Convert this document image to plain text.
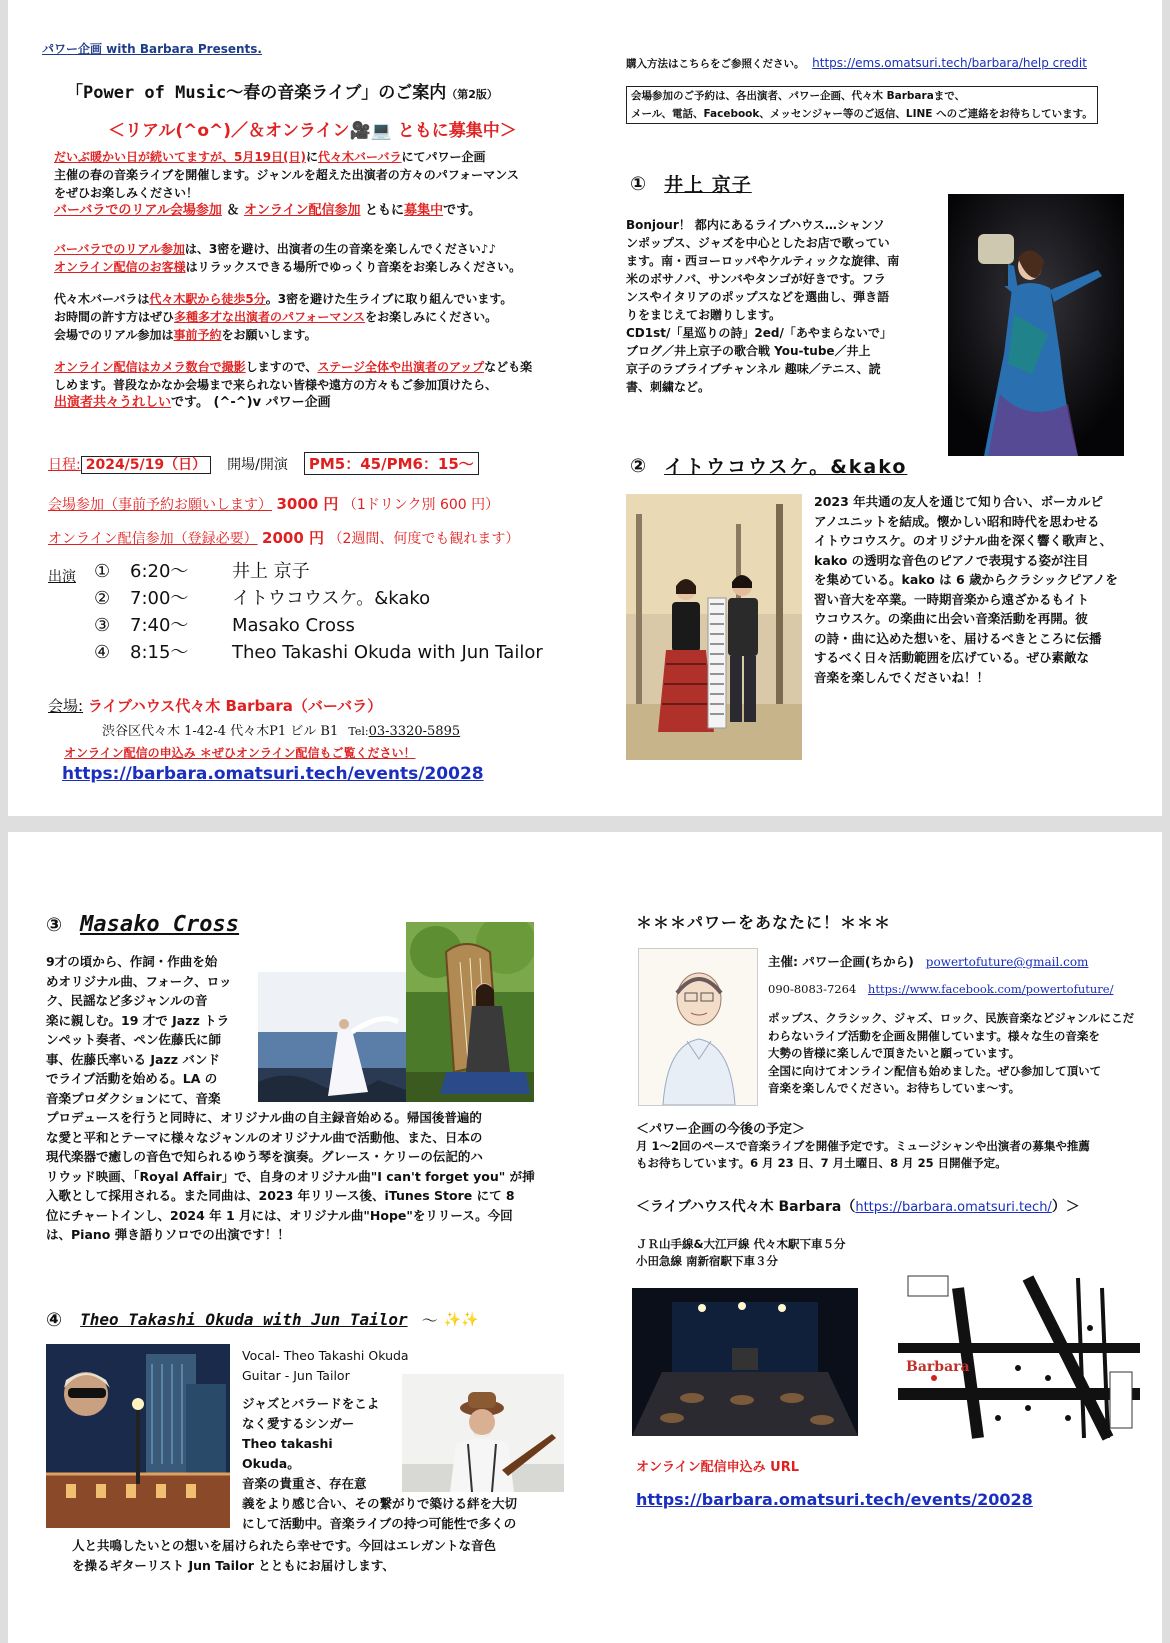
パワー企画 with Barbara Presents.
「Power of Music〜春の音楽ライブ」のご案内（第2版）
＜リアル(^o^)／＆オンライン🎥💻 ともに募集中＞
だいぶ暖かい日が続いてますが、5月19日(日)に代々木バーバラにてパワー企画
主催の春の音楽ライブを開催します。ジャンルを超えた出演者の方々のパフォーマンス
をぜひお楽しみください！
バーバラでのリアル会場参加 ＆ オンライン配信参加 ともに募集中です。
バーバラでのリアル参加は、3密を避け、出演者の生の音楽を楽しんでください♪♪
オンライン配信のお客様はリラックスできる場所でゆっくり音楽をお楽しみください。
代々木バーバラは代々木駅から徒歩5分。3密を避けた生ライブに取り組んでいます。
お時間の許す方はぜひ多種多才な出演者のパフォーマンスをお楽しみにください。
会場でのリアル参加は事前予約をお願いします。
オンライン配信はカメラ数台で撮影しますので、ステージ全体や出演者のアップなども楽
しめます。普段なかなか会場まで来られない皆様や遠方の方々もご参加頂けたら、
出演者共々うれしいです。 (^-^)v パワー企画
日程: 2024/5/19（日）	開場/開演	PM5：45/PM6：15〜
会場参加（事前予約お願いします） 3000 円 （1ドリンク別 600 円）
オンライン配信参加（登録必要） 2000 円 （2週間、何度でも観れます）
出演 ①	6:20〜	井上 京子
②	7:00〜	イトウコウスケ。&kako
③	7:40〜	Masako Cross
④	8:15〜	Theo Takashi Okuda with Jun Tailor
会場: ライブハウス代々木 Barbara（バーバラ）
渋谷区代々木 1-42-4 代々木P1 ビル B1 Tel:03-3320-5895
オンライン配信の申込み ＊ぜひオンライン配信もご覧ください！
https://barbara.omatsuri.tech/events/20028
購入方法はこちらをご参照ください。 https://ems.omatsuri.tech/barbara/help credit
会場参加のご予約は、各出演者、パワー企画、代々木 Barbaraまで、
メール、電話、Facebook、メッセンジャー等のご返信、LINE へのご連絡をお待ちしています。
① 井上 京子
Bonjour！ 都内にあるライブハウス…シャンソ
ンポップス、ジャズを中心としたお店で歌ってい
ます。南・西ヨーロッパやケルティックな旋律、南
米のボサノバ、サンバやタンゴが好きです。フラ
ンスやイタリアのポップスなどを選曲し、弾き語
りをまじえてお贈りします。
CD1st/「星巡りの詩」2ed/「あやまらないで」
ブログ／井上京子の歌合戦 You-tube／井上
京子のラブライブチャンネル 趣味／テニス、読
書、刺繍など。
② イトウコウスケ。&kako
2023 年共通の友人を通じて知り合い、ボーカルピ
アノユニットを結成。懐かしい昭和時代を思わせる
イトウコウスケ。のオリジナル曲を深く響く歌声と、
kako の透明な音色のピアノで表現する姿が注目
を集めている。kako は 6 歳からクラシックピアノを
習い音大を卒業。一時期音楽から遠ざかるもイト
ウコウスケ。の楽曲に出会い音楽活動を再開。彼
の詩・曲に込めた想いを、届けるべきところに伝播
するべく日々活動範囲を広げている。ぜひ素敵な
音楽を楽しんでくださいね！！
③ Masako Cross
9才の頃から、作詞・作曲を始
めオリジナル曲、フォーク、ロッ
ク、民謡など多ジャンルの音
楽に親しむ。19 才で Jazz トラ
ンペット奏者、ペン佐藤氏に師
事、佐藤氏率いる Jazz バンド
でライブ活動を始める。LA の
音楽プロダクションにて、音楽
プロデュースを行うと同時に、オリジナル曲の自主録音始める。帰国後普遍的
な愛と平和とテーマに様々なジャンルのオリジナル曲で活動他、また、日本の
現代楽器で癒しの音色で知られるゆう琴を演奏。グレース・ケリーの伝記的ハ
リウッド映画、「Royal Affair」で、自身のオリジナル曲"I can't forget you" が挿
入歌として採用される。また同曲は、2023 年リリース後、iTunes Store にて 8
位にチャートインし、2024 年 1 月には、オリジナル曲"Hope"をリリース。今回
は、Piano 弾き語りソロでの出演です！！
④ Theo Takashi Okuda with Jun Tailor 〜 ✨✨
Vocal- Theo Takashi Okuda
Guitar - Jun Tailor
ジャズとバラードをこよ
なく愛するシンガー
Theo takashi
Okuda。
音楽の貴重さ、存在意
義をより感じ合い、その繋がりで築ける絆を大切
にして活動中。音楽ライブの持つ可能性で多くの
人と共鳴したいとの想いを届けられたら幸せです。今回はエレガントな音色
を操るギターリスト Jun Tailor とともにお届けします、
＊＊＊パワーをあなたに！＊＊＊
主催: パワー企画(ちから) powertofuture@gmail.com
090-8083-7264 https://www.facebook.com/powertofuture/
ポップス、クラシック、ジャズ、ロック、民族音楽などジャンルにこだ
わらないライブ活動を企画＆開催しています。様々な生の音楽を
大勢の皆様に楽しんで頂きたいと願っています。
全国に向けてオンライン配信も始めました。ぜひ参加して頂いて
音楽を楽しんでください。お待ちしていま〜す。
＜パワー企画の今後の予定＞
月 1〜2回のペースで音楽ライブを開催予定です。ミュージシャンや出演者の募集や推薦
もお待ちしています。6 月 23 日、7 月土曜日、8 月 25 日開催予定。
＜ライブハウス代々木 Barbara（https://barbara.omatsuri.tech/）＞
ＪＲ山手線&大江戸線 代々木駅下車５分
小田急線 南新宿駅下車３分
Barbara
オンライン配信申込み URL
https://barbara.omatsuri.tech/events/20028
